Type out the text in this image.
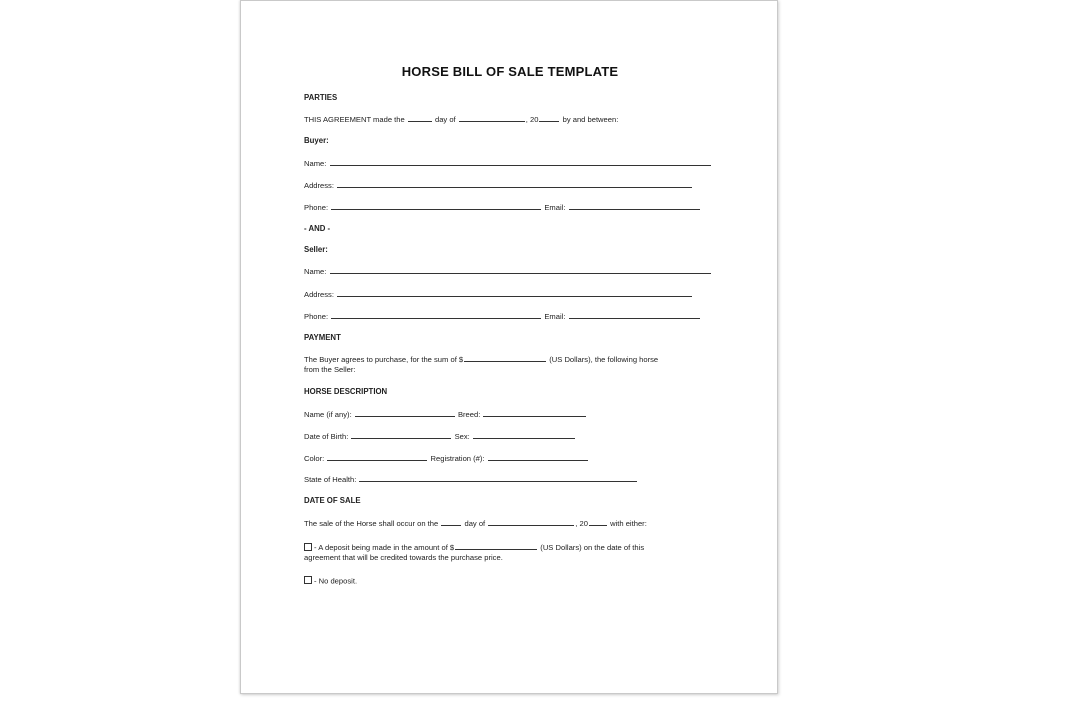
HORSE BILL OF SALE TEMPLATE
PARTIES
THIS AGREEMENT made the	day of	, 20	by and between:
Buyer:
Name:
Address:
Phone:	Email:
- AND -
Seller:
Name:
Address:
Phone:	Email:
PAYMENT
The Buyer agrees to purchase, for the sum of $	(US Dollars), the following horse
from the Seller:
HORSE DESCRIPTION
Name (if any):	Breed:
Date of Birth:	Sex:
Color:	Registration (#):
State of Health:
DATE OF SALE
The sale of the Horse shall occur on the	day of	, 20	with either:
- A deposit being made in the amount of $	(US Dollars) on the date of this
agreement that will be credited towards the purchase price.
- No deposit.
